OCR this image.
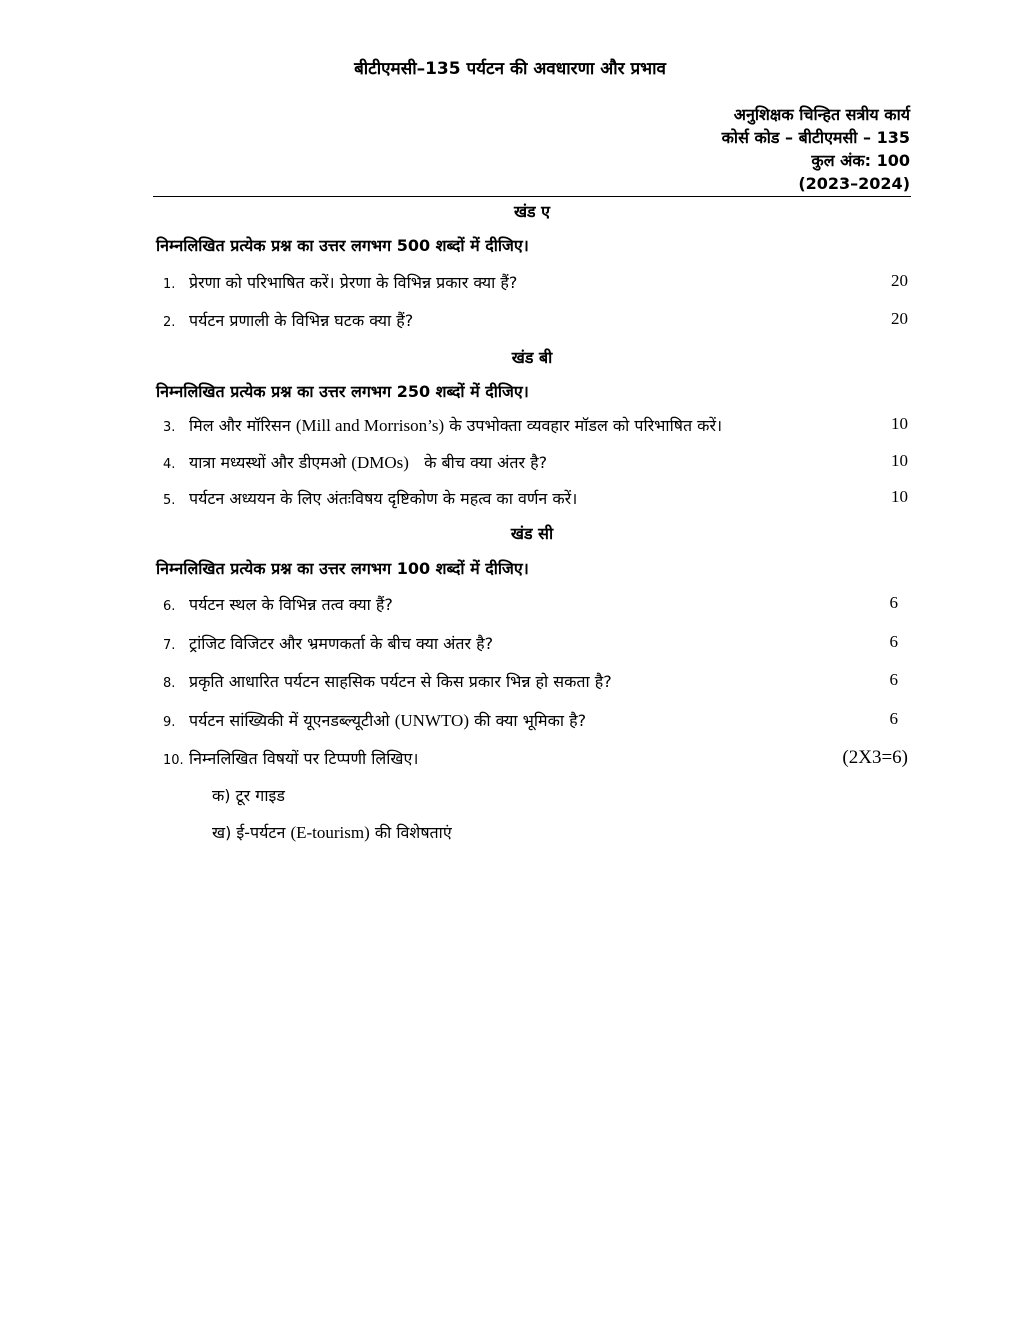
बीटीएमसी–135 पर्यटन की अवधारणा और प्रभाव
अनुशिक्षक चिन्हित सत्रीय कार्य
कोर्स कोड – बीटीएमसी – 135
कुल अंक: 100
(2023–2024)
खंड ए
निम्नलिखित प्रत्येक प्रश्न का उत्तर लगभग 500 शब्दों में दीजिए।
1. प्रेरणा को परिभाषित करें। प्रेरणा के विभिन्न प्रकार क्या हैं?	20
2. पर्यटन प्रणाली के विभिन्न घटक क्या हैं?	20
खंड बी
निम्नलिखित प्रत्येक प्रश्न का उत्तर लगभग 250 शब्दों में दीजिए।
3. मिल और मॉरिसन (Mill and Morrison’s) के उपभोक्ता व्यवहार मॉडल को परिभाषित करें।	10
4. यात्रा मध्यस्थों और डीएमओ (DMOs) के बीच क्या अंतर है?	10
5. पर्यटन अध्ययन के लिए अंतःविषय दृष्टिकोण के महत्व का वर्णन करें।	10
खंड सी
निम्नलिखित प्रत्येक प्रश्न का उत्तर लगभग 100 शब्दों में दीजिए।
6. पर्यटन स्थल के विभिन्न तत्व क्या हैं?	6
7. ट्रांजिट विजिटर और भ्रमणकर्ता के बीच क्या अंतर है?	6
8. प्रकृति आधारित पर्यटन साहसिक पर्यटन से किस प्रकार भिन्न हो सकता है?	6
9. पर्यटन सांख्यिकी में यूएनडब्ल्यूटीओ (UNWTO) की क्या भूमिका है?	6
10. निम्नलिखित विषयों पर टिप्पणी लिखिए।	(2X3=6)
क) टूर गाइड
ख) ई-पर्यटन (E-tourism) की विशेषताएं
